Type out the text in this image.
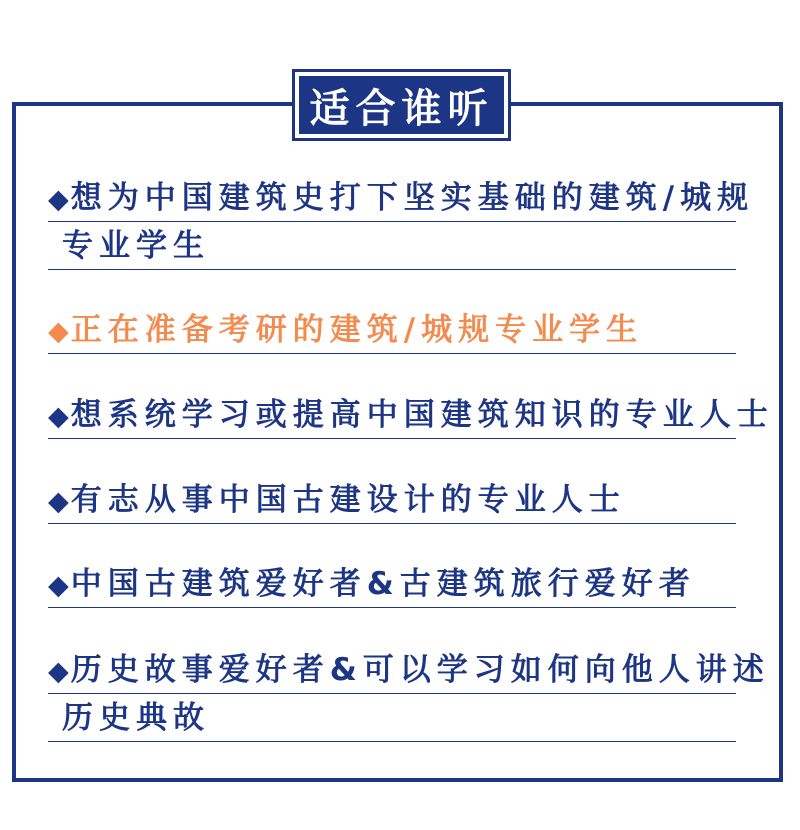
适合谁听
◆想为中国建筑史打下坚实基础的建筑/城规
专业学生
◆正在准备考研的建筑/城规专业学生
◆想系统学习或提高中国建筑知识的专业人士
◆有志从事中国古建设计的专业人士
◆中国古建筑爱好者&古建筑旅行爱好者
◆历史故事爱好者&可以学习如何向他人讲述
历史典故
